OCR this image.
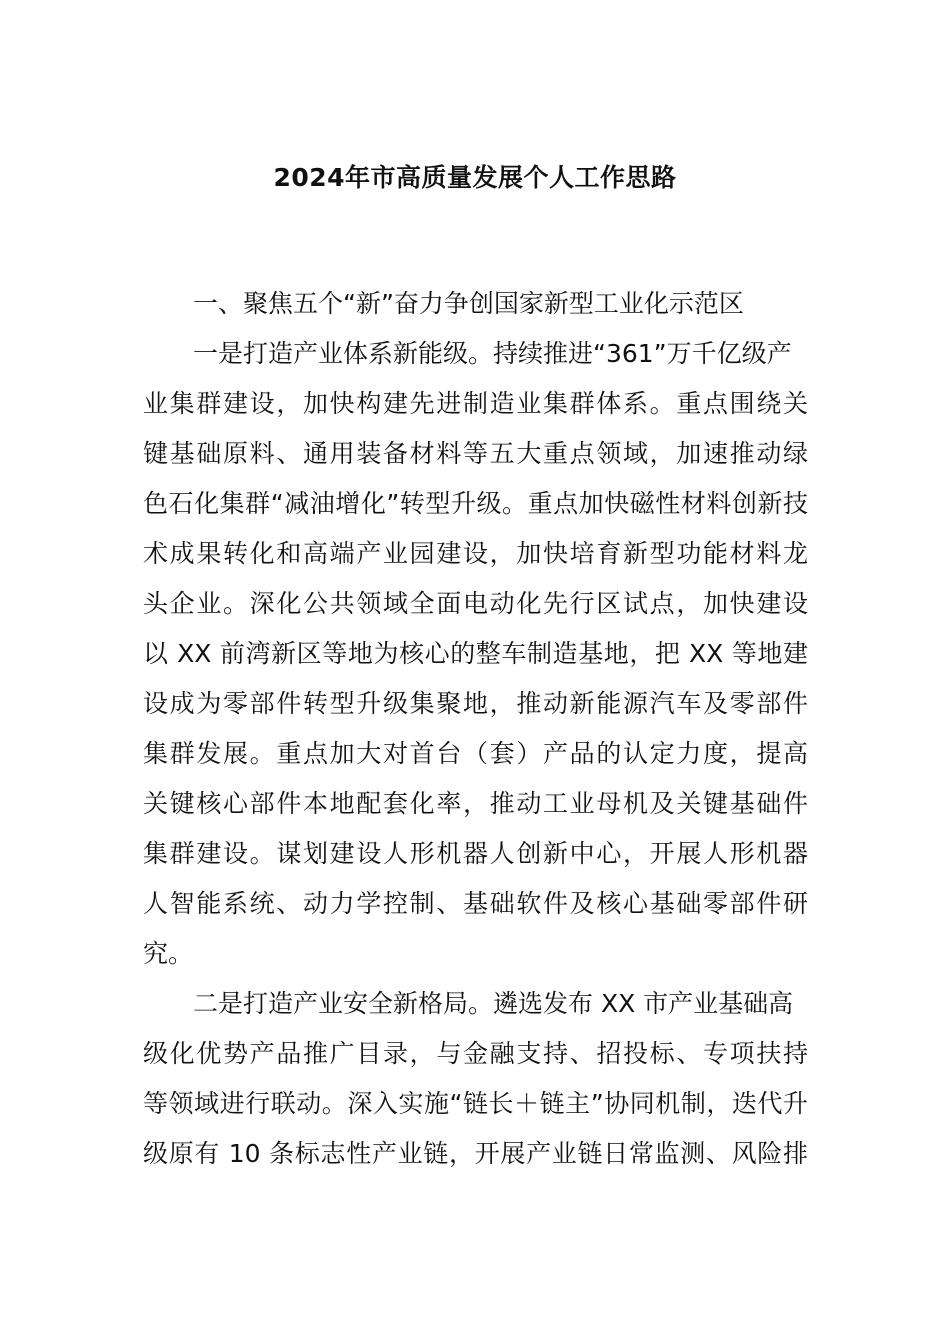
2024年市高质量发展个人工作思路
一、聚焦五个“新”奋力争创国家新型工业化示范区
一是打造产业体系新能级。持续推进“361”万千亿级产
业集群建设，加快构建先进制造业集群体系。重点围绕关
键基础原料、通用装备材料等五大重点领域，加速推动绿
色石化集群“减油增化”转型升级。重点加快磁性材料创新技
术成果转化和高端产业园建设，加快培育新型功能材料龙
头企业。深化公共领域全面电动化先行区试点，加快建设
以 XX 前湾新区等地为核心的整车制造基地，把 XX 等地建
设成为零部件转型升级集聚地，推动新能源汽车及零部件
集群发展。重点加大对首台（套）产品的认定力度，提高
关键核心部件本地配套化率，推动工业母机及关键基础件
集群建设。谋划建设人形机器人创新中心，开展人形机器
人智能系统、动力学控制、基础软件及核心基础零部件研
究。
二是打造产业安全新格局。遴选发布 XX 市产业基础高
级化优势产品推广目录，与金融支持、招投标、专项扶持
等领域进行联动。深入实施“链长＋链主”协同机制，迭代升
级原有 10 条标志性产业链，开展产业链日常监测、风险排
